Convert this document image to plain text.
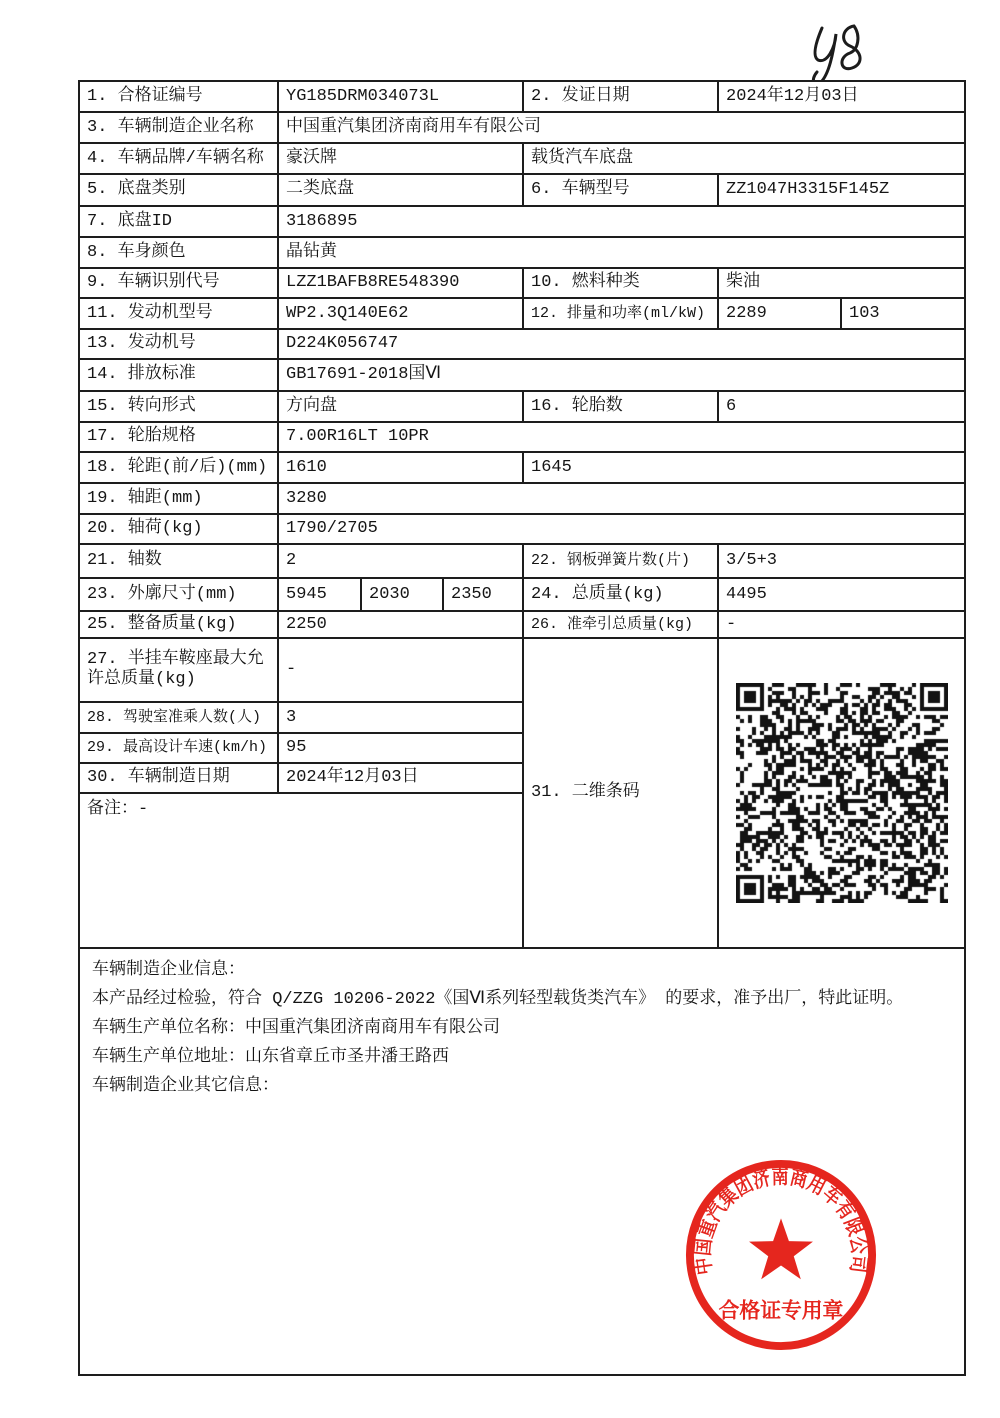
1. 合格证编号	YG185DRM034073L	2. 发证日期	2024年12月03日
3. 车辆制造企业名称	中国重汽集团济南商用车有限公司
4. 车辆品牌/车辆名称	豪沃牌	载货汽车底盘
5. 底盘类别	二类底盘	6. 车辆型号	ZZ1047H3315F145Z
7. 底盘ID	3186895
8. 车身颜色	晶钻黄
9. 车辆识别代号	LZZ1BAFB8RE548390	10. 燃料种类	柴油
11. 发动机型号	WP2.3Q140E62	12. 排量和功率(ml/kW)	2289	103
13. 发动机号	D224K056747
14. 排放标准	GB17691-2018国Ⅵ
15. 转向形式	方向盘	16. 轮胎数	6
17. 轮胎规格	7.00R16LT 10PR
18. 轮距(前/后)(mm)	1610	1645
19. 轴距(mm)	3280
20. 轴荷(kg)	1790/2705
21. 轴数	2	22. 钢板弹簧片数(片)	3/5+3
23. 外廓尺寸(mm)	5945	2030	2350	24. 总质量(kg)	4495
25. 整备质量(kg)	2250	26. 准牵引总质量(kg)	-
27. 半挂车鞍座最大允许总质量(kg)
-
28. 驾驶室准乘人数(人)	3
29. 最高设计车速(km/h)	95
30. 车辆制造日期	2024年12月03日
备注：-
31. 二维条码
车辆制造企业信息：
本产品经过检验，符合 Q/ZZG 10206-2022《国Ⅵ系列轻型载货类汽车》 的要求，准予出厂，特此证明。
车辆生产单位名称：中国重汽集团济南商用车有限公司
车辆生产单位地址：山东省章丘市圣井潘王路西
车辆制造企业其它信息：
中国重汽集团济南商用车有限公司
合格证专用章
